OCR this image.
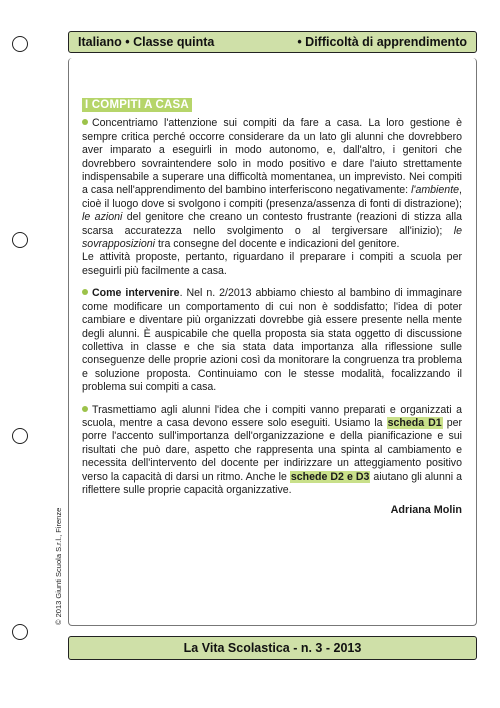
Italiano • Classe quinta	• Difficoltà di apprendimento
I COMPITI A CASA

Concentriamo l'attenzione sui compiti da fare a casa. La loro gestione è sempre critica perché occorre considerare da un lato gli alunni che dovrebbero aver imparato a eseguirli in modo autonomo, e, dall'altro, i genitori che dovrebbero sovraintendere solo in modo positivo e dare l'aiuto strettamente indispensabile a superare una difficoltà momentanea, un imprevisto. Nei compiti a casa nell'apprendimento del bambino interferiscono negativamente: l'ambiente, cioè il luogo dove si svolgono i compiti (presenza/assenza di fonti di distrazione); le azioni del genitore che creano un contesto frustrante (reazioni di stizza alla scarsa accuratezza nello svolgimento o al tergiversare all'inizio); le sovrapposizioni tra consegne del docente e indicazioni del genitore.

Le attività proposte, pertanto, riguardano il preparare i compiti a scuola per eseguirli più facilmente a casa.

Come intervenire. Nel n. 2/2013 abbiamo chiesto al bambino di immaginare come modificare un comportamento di cui non è soddisfatto; l'idea di poter cambiare e diventare più organizzati dovrebbe già essere presente nella mente degli alunni. È auspicabile che quella proposta sia stata oggetto di discussione collettiva in classe e che sia stata data importanza alla riflessione sulle conseguenze delle proprie azioni così da monitorare la congruenza tra problema e soluzione proposta. Continuiamo con le stesse modalità, focalizzando il problema sui compiti a casa.

Trasmettiamo agli alunni l'idea che i compiti vanno preparati e organizzati a scuola, mentre a casa devono essere solo eseguiti. Usiamo la scheda D1 per porre l'accento sull'importanza dell'organizzazione e della pianificazione e sui risultati che può dare, aspetto che rappresenta una spinta al cambiamento e necessita dell'intervento del docente per indirizzare un atteggiamento positivo verso la capacità di darsi un ritmo. Anche le schede D2 e D3 aiutano gli alunni a riflettere sulle proprie capacità organizzative.

Adriana Molin
© 2013 Giunti Scuola S.r.l., Firenze
La Vita Scolastica - n. 3 - 2013
